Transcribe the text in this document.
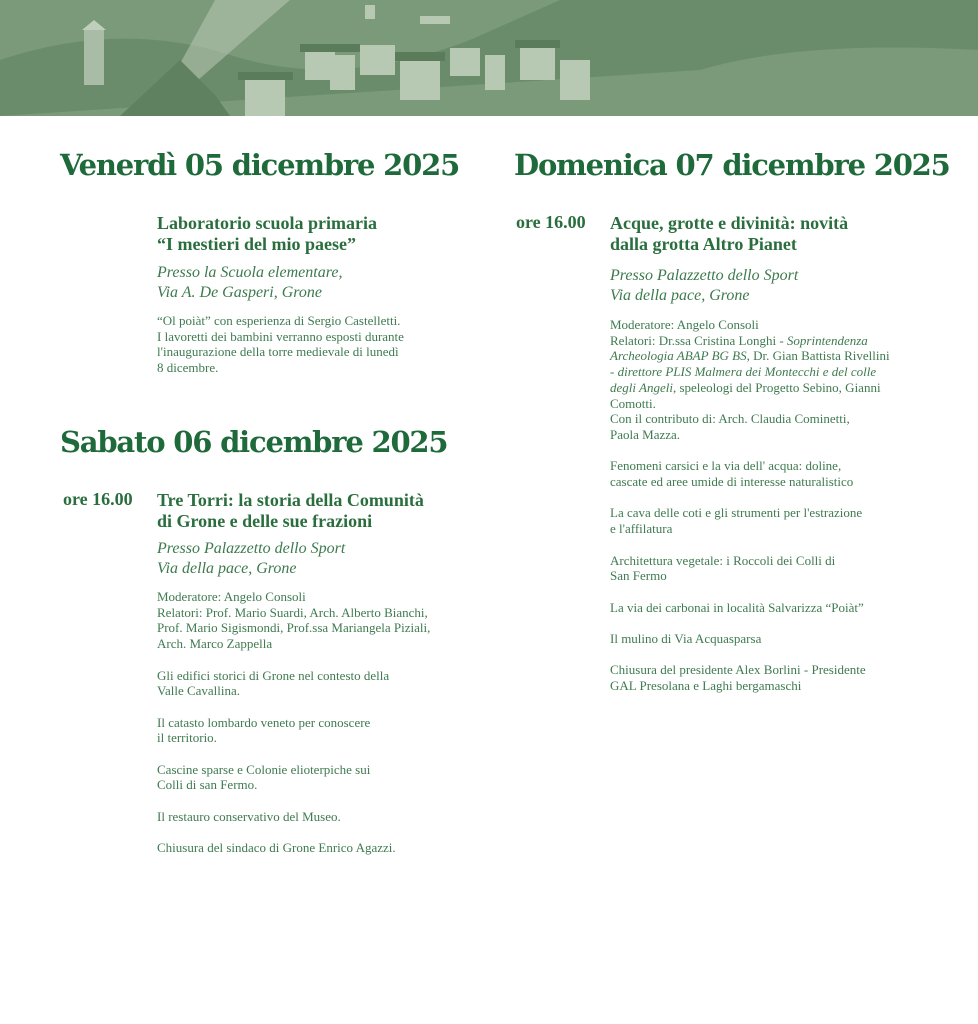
Venerdì 05 dicembre 2025
Laboratorio scuola primaria
“I mestieri del mio paese”
Presso la Scuola elementare,
Via A. De Gasperi, Grone

“Ol poiàt” con esperienza di Sergio Castelletti.
I lavoretti dei bambini verranno esposti durante
l'inaugurazione della torre medievale di lunedì
8 dicembre.

Sabato 06 dicembre 2025
ore 16.00 Tre Torri: la storia della Comunità
di Grone e delle sue frazioni
Presso Palazzetto dello Sport
Via della pace, Grone

Moderatore: Angelo Consoli
Relatori: Prof. Mario Suardi, Arch. Alberto Bianchi,
Prof. Mario Sigismondi, Prof.ssa Mariangela Piziali,
Arch. Marco Zappella

Gli edifici storici di Grone nel contesto della
Valle Cavallina.

Il catasto lombardo veneto per conoscere
il territorio.

Cascine sparse e Colonie elioterpiche sui
Colli di san Fermo.

Il restauro conservativo del Museo.

Chiusura del sindaco di Grone Enrico Agazzi.

Domenica 07 dicembre 2025
ore 16.00 Acque, grotte e divinità: novità
dalla grotta Altro Pianet
Presso Palazzetto dello Sport
Via della pace, Grone

Moderatore: Angelo Consoli
Relatori: Dr.ssa Cristina Longhi - Soprintendenza
Archeologia ABAP BG BS, Dr. Gian Battista Rivellini
- direttore PLIS Malmera dei Montecchi e del colle
degli Angeli, speleologi del Progetto Sebino, Gianni
Comotti.
Con il contributo di: Arch. Claudia Cominetti,
Paola Mazza.

Fenomeni carsici e la via dell' acqua: doline,
cascate ed aree umide di interesse naturalistico

La cava delle coti e gli strumenti per l'estrazione
e l'affilatura

Architettura vegetale: i Roccoli dei Colli di
San Fermo

La via dei carbonai in località Salvarizza “Poiàt”

Il mulino di Via Acquasparsa

Chiusura del presidente Alex Borlini - Presidente
GAL Presolana e Laghi bergamaschi
